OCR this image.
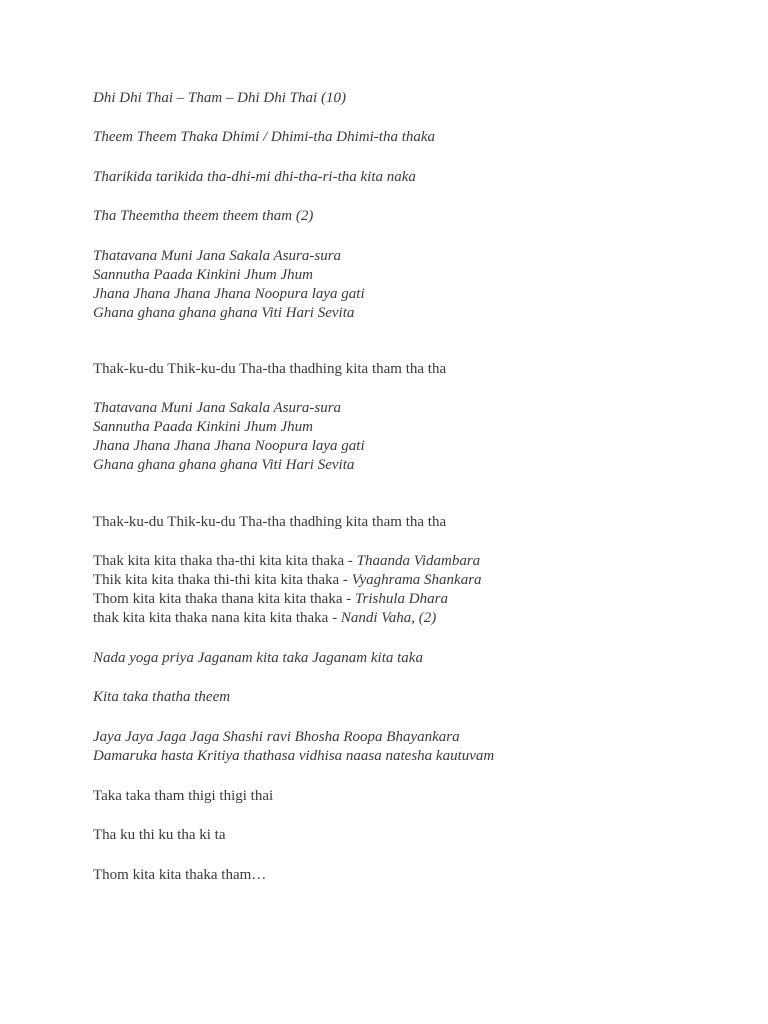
Dhi Dhi Thai – Tham – Dhi Dhi Thai (10)
Theem Theem Thaka Dhimi / Dhimi-tha Dhimi-tha thaka
Tharikida tarikida tha-dhi-mi dhi-tha-ri-tha kita naka
Tha Theemtha theem theem tham (2)
Thatavana Muni Jana Sakala Asura-sura
Sannutha Paada Kinkini Jhum Jhum
Jhana Jhana Jhana Jhana Noopura laya gati
Ghana ghana ghana ghana Viti Hari Sevita
Thak-ku-du Thik-ku-du Tha-tha thadhing kita tham tha tha
Thatavana Muni Jana Sakala Asura-sura
Sannutha Paada Kinkini Jhum Jhum
Jhana Jhana Jhana Jhana Noopura laya gati
Ghana ghana ghana ghana Viti Hari Sevita
Thak-ku-du Thik-ku-du Tha-tha thadhing kita tham tha tha
Thak kita kita thaka tha-thi kita kita thaka - Thaanda Vidambara
Thik kita kita thaka thi-thi kita kita thaka - Vyaghrama Shankara
Thom kita kita thaka thana kita kita thaka - Trishula Dhara
thak kita kita thaka nana kita kita thaka - Nandi Vaha, (2)
Nada yoga priya Jaganam kita taka Jaganam kita taka
Kita taka thatha theem
Jaya Jaya Jaga Jaga Shashi ravi Bhosha Roopa Bhayankara
Damaruka hasta Kritiya thathasa vidhisa naasa natesha kautuvam
Taka taka tham thigi thigi thai
Tha ku thi ku tha ki ta
Thom kita kita thaka tham…
